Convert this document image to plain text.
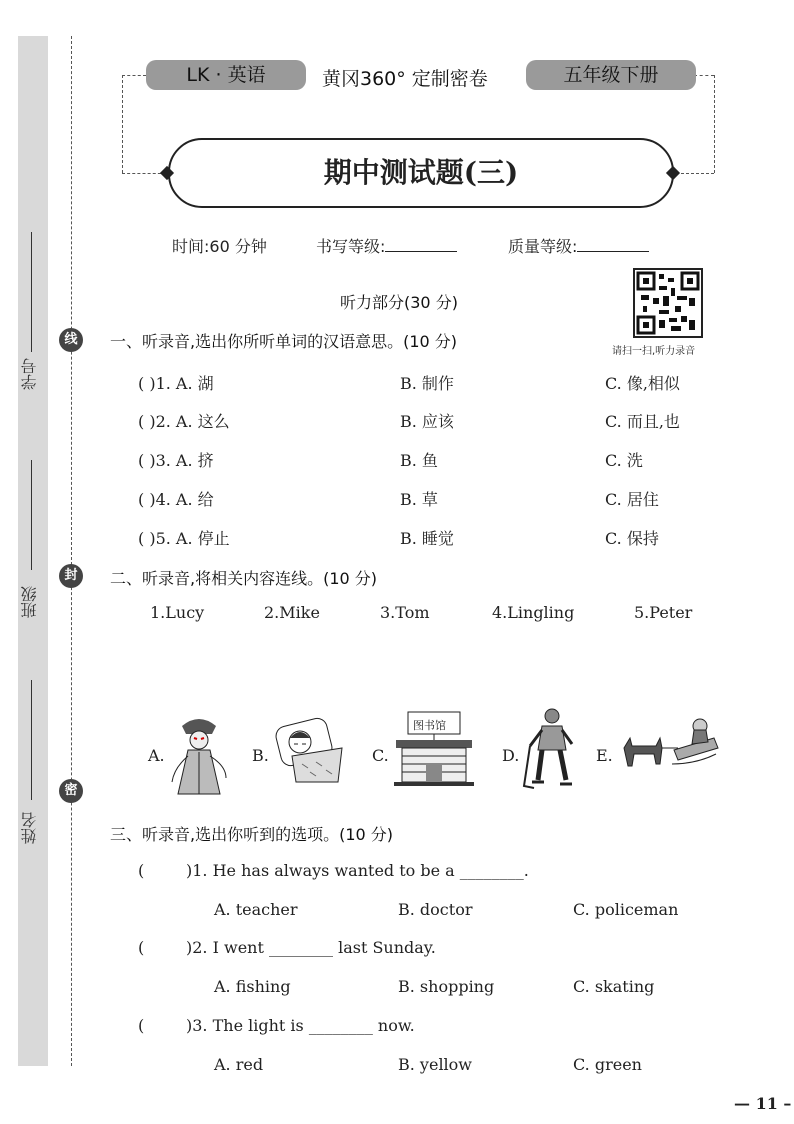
学号
班级
姓名
线
封
密
LK · 英语	黄冈360° 定制密卷	五年级下册
期中测试题(三)
时间:60 分钟	书写等级:	质量等级:
听力部分(30 分)
请扫一扫,听力录音
一、听录音,选出你所听单词的汉语意思。(10 分)
( )1. A. 湖	B. 制作	C. 像,相似
( )2. A. 这么	B. 应该	C. 而且,也
( )3. A. 挤	B. 鱼	C. 洗
( )4. A. 给	B. 草	C. 居住
( )5. A. 停止	B. 睡觉	C. 保持
二、听录音,将相关内容连线。(10 分)
1.Lucy	2.Mike	3.Tom	4.Lingling	5.Peter
A.	B.	C.
图书馆
D.	E.
三、听录音,选出你听到的选项。(10 分)
(	)1. He has always wanted to be a ________.
A. teacher	B. doctor	C. policeman
(	)2. I went ________ last Sunday.
A. fishing	B. shopping	C. skating
(	)3. The light is ________ now.
A. red	B. yellow	C. green
— 11 –
